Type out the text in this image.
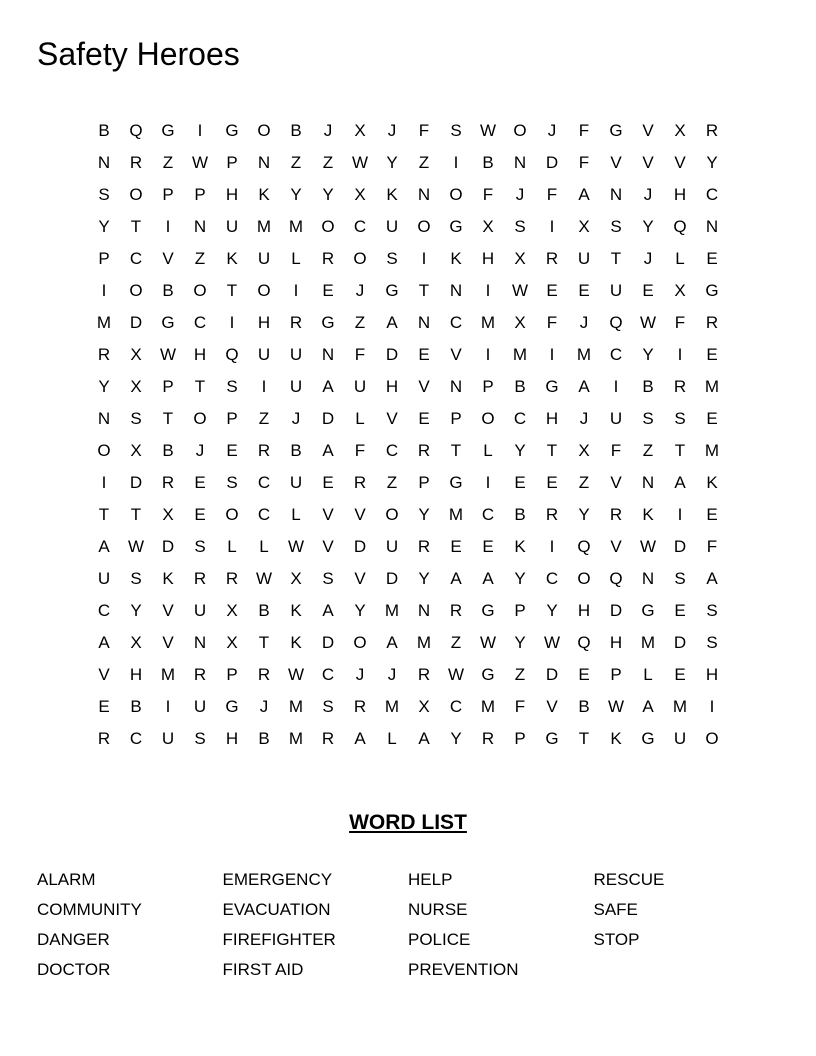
Safety Heroes
B	Q	G	I	G	O	B	J	X	J	F	S	W	O	J	F	G	V	X	R
N	R	Z	W	P	N	Z	Z	W	Y	Z	I	B	N	D	F	V	V	V	Y
S	O	P	P	H	K	Y	Y	X	K	N	O	F	J	F	A	N	J	H	C
Y	T	I	N	U	M	M	O	C	U	O	G	X	S	I	X	S	Y	Q	N
P	C	V	Z	K	U	L	R	O	S	I	K	H	X	R	U	T	J	L	E
I	O	B	O	T	O	I	E	J	G	T	N	I	W	E	E	U	E	X	G
M	D	G	C	I	H	R	G	Z	A	N	C	M	X	F	J	Q	W	F	R
R	X	W	H	Q	U	U	N	F	D	E	V	I	M	I	M	C	Y	I	E
Y	X	P	T	S	I	U	A	U	H	V	N	P	B	G	A	I	B	R	M
N	S	T	O	P	Z	J	D	L	V	E	P	O	C	H	J	U	S	S	E
O	X	B	J	E	R	B	A	F	C	R	T	L	Y	T	X	F	Z	T	M
I	D	R	E	S	C	U	E	R	Z	P	G	I	E	E	Z	V	N	A	K
T	T	X	E	O	C	L	V	V	O	Y	M	C	B	R	Y	R	K	I	E
A	W	D	S	L	L	W	V	D	U	R	E	E	K	I	Q	V	W	D	F
U	S	K	R	R	W	X	S	V	D	Y	A	A	Y	C	O	Q	N	S	A
C	Y	V	U	X	B	K	A	Y	M	N	R	G	P	Y	H	D	G	E	S
A	X	V	N	X	T	K	D	O	A	M	Z	W	Y	W	Q	H	M	D	S
V	H	M	R	P	R	W	C	J	J	R	W	G	Z	D	E	P	L	E	H
E	B	I	U	G	J	M	S	R	M	X	C	M	F	V	B	W	A	M	I
R	C	U	S	H	B	M	R	A	L	A	Y	R	P	G	T	K	G	U	O
WORD LIST
ALARM
COMMUNITY
DANGER
DOCTOR
EMERGENCY
EVACUATION
FIREFIGHTER
FIRST AID
HELP
NURSE
POLICE
PREVENTION
RESCUE
SAFE
STOP
